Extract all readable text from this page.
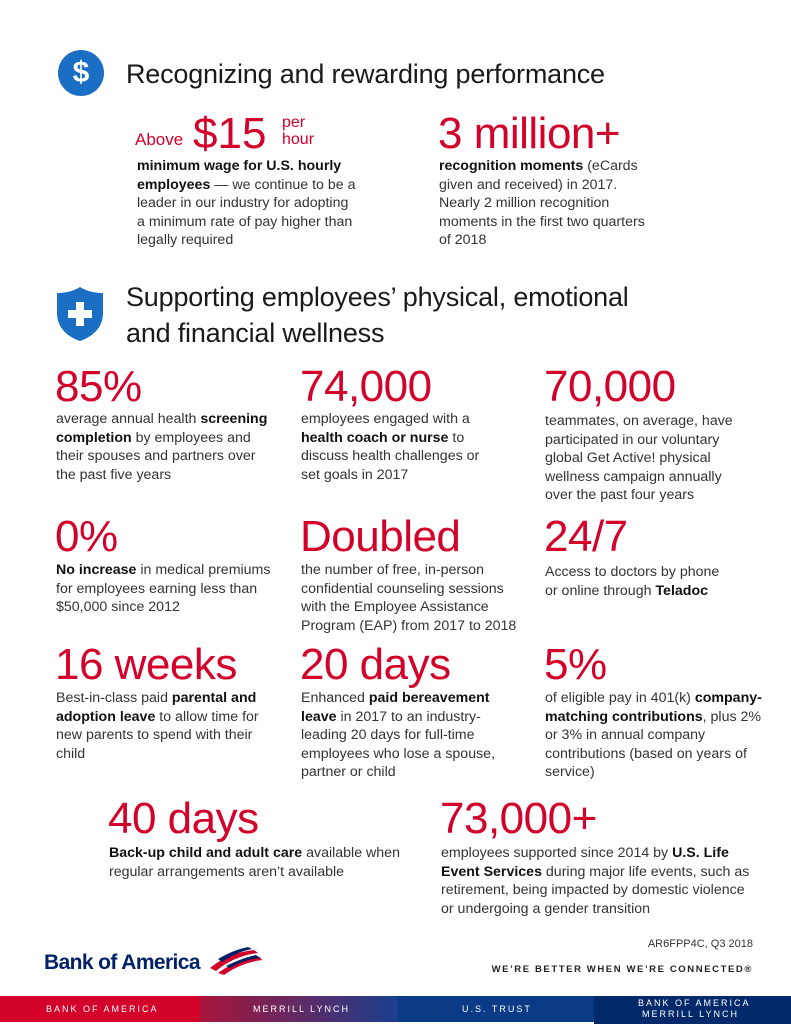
$	Recognizing and rewarding performance
Above $15 per
hour
minimum wage for U.S. hourly employees — we continue to be a leader in our industry for adopting a minimum rate of pay higher than legally required
3 million+
recognition moments (eCards given and received) in 2017. Nearly 2 million recognition moments in the first two quarters of 2018
Supporting employees’ physical, emotional
and financial wellness
85%
average annual health screening completion by employees and their spouses and partners over the past five years
74,000
employees engaged with a health coach or nurse to discuss health challenges or set goals in 2017
70,000
teammates, on average, have participated in our voluntary global Get Active! physical wellness campaign annually over the past four years
0%
No increase in medical premiums for employees earning less than $50,000 since 2012
Doubled
the number of free, in-person confidential counseling sessions with the Employee Assistance Program (EAP) from 2017 to 2018
24/7
Access to doctors by phone or online through Teladoc
16 weeks
Best-in-class paid parental and adoption leave to allow time for new parents to spend with their child
20 days
Enhanced paid bereavement leave in 2017 to an industry-leading 20 days for full-time employees who lose a spouse, partner or child
5%
of eligible pay in 401(k) company-matching contributions, plus 2% or 3% in annual company contributions (based on years of service)
40 days
Back-up child and adult care available when regular arrangements aren’t available
73,000+
employees supported since 2014 by U.S. Life Event Services during major life events, such as retirement, being impacted by domestic violence or undergoing a gender transition
AR6FPP4C, Q3 2018
Bank of America	WE’RE BETTER WHEN WE’RE CONNECTED®
BANK OF AMERICA	MERRILL LYNCH	U.S. TRUST
BANK OF AMERICA
MERRILL LYNCH
